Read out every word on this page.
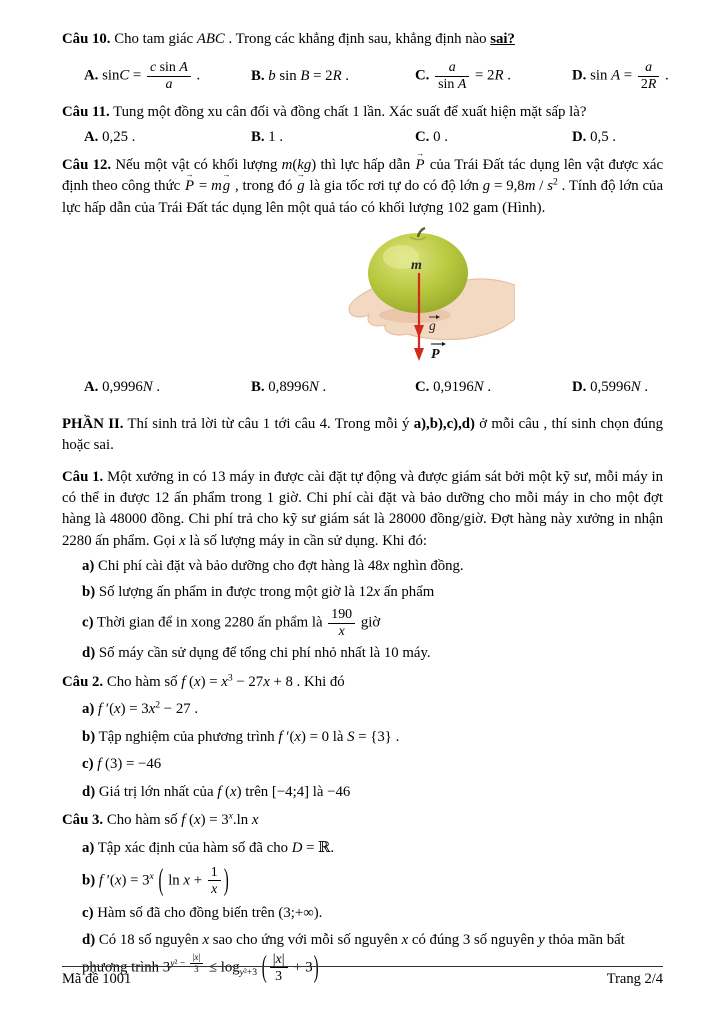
Câu 10. Cho tam giác ABC . Trong các khẳng định sau, khẳng định nào sai?

A. $\sin C = \frac{\text{c sin A}}{a}$ .	B. b sin B = 2R .	C. $\frac{a}{\text{sin A}} = 2R$ .	D. $\sin A = \frac{a}{2R}$ .

Câu 11. Tung một đồng xu cân đối và đồng chất 1 lần. Xác suất để xuất hiện mặt sấp là?

A. 0,25 .	B. 1 .	C. 0 .	D. 0,5 .

Câu 12. Nếu một vật có khối lượng m(kg) thì lực hấp dẫn P → của Trái Đất tác dụng lên vật được xác định theo công thức P → = mg → , trong đó g → là gia tốc rơi tự do có độ lớn $g = 9,8m / s^2$ . Tính độ lớn của lực hấp dẫn của Trái Đất tác dụng lên một quả táo có khối lượng 102 gam (Hình).

m
g
P
A. 0,9996N .	B. 0,8996N .	C. 0,9196N .	D. 0,5996N .

PHẦN II. Thí sinh trả lời từ câu 1 tới câu 4. Trong mỗi ý a),b),c),d) ở mỗi câu , thí sinh chọn đúng hoặc sai.

Câu 1. Một xưởng in có 13 máy in được cài đặt tự động và được giám sát bởi một kỹ sư, mỗi máy in có thể in được 12 ấn phẩm trong 1 giờ. Chi phí cài đặt và bảo dưỡng cho mỗi máy in cho một đợt hàng là 48000 đồng. Chi phí trả cho kỹ sư giám sát là 28000 đồng/giờ. Đợt hàng này xưởng in nhận 2280 ấn phẩm. Gọi x là số lượng máy in cần sử dụng. Khi đó:

a) Chi phí cài đặt và bảo dưỡng cho đợt hàng là 48x nghìn đồng.

b) Số lượng ấn phẩm in được trong một giờ là 12x ấn phẩm

c) Thời gian để in xong 2280 ấn phẩm là $\frac{190}{x}$ giờ

d) Số máy cần sử dụng để tổng chi phí nhỏ nhất là 10 máy.

Câu 2. Cho hàm số f $(x) = x^3 - 27x + 8$ . Khi đó

a) f $'(x) = 3x^2 - 27$ .

b) Tập nghiệm của phương trình f ′(x) = 0 là S = {3} .

c) f (3) = −46

d) Giá trị lớn nhất của f (x) trên [−4;4] là −46

Câu 3. Cho hàm số f $(x) = 3^x.\ln$ x

a) Tập xác định của hàm số đã cho D = ℝ.

b) f $'(x) = 3^x$ ( $\ln x + \frac{1}{x}$ )

c) Hàm số đã cho đồng biến trên (3;+∞).

d) Có 18 số nguyên x sao cho ứng với mỗi số nguyên x có đúng 3 số nguyên y thỏa mãn bất phương trình $3^{y^2 - \frac{|x|}{3}} \le \log_{y^2+3}$ ( $\frac{|x|}{3} + 3$)

Mã đề 1001	Trang 2/4
